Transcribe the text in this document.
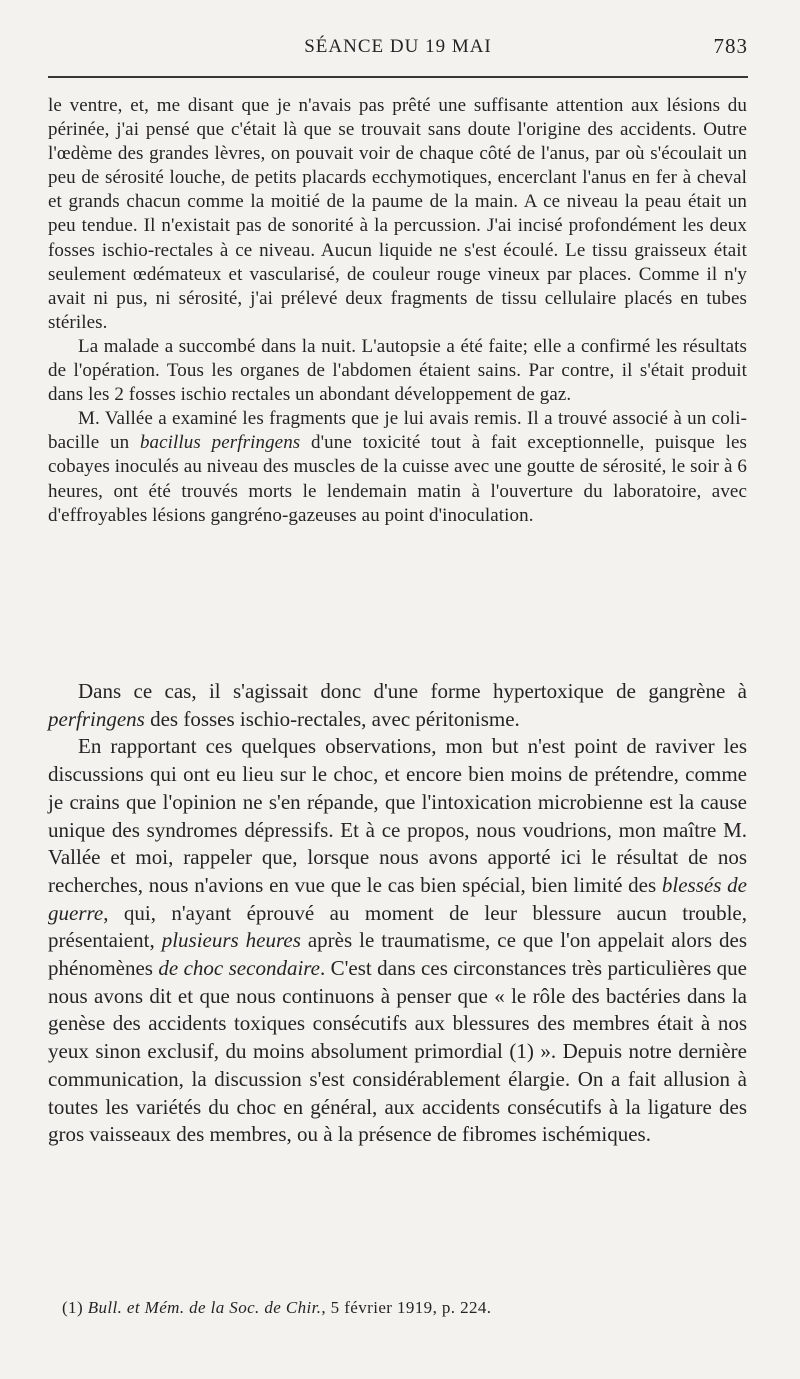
SÉANCE DU 19 MAI	783

le ventre, et, me disant que je n'avais pas prêté une suffisante attention aux lésions du périnée, j'ai pensé que c'était là que se trouvait sans doute l'origine des accidents. Outre l'œdème des grandes lèvres, on pouvait voir de chaque côté de l'anus, par où s'écoulait un peu de sérosité louche, de petits placards ecchymotiques, encerclant l'anus en fer à cheval et grands chacun comme la moitié de la paume de la main. A ce niveau la peau était un peu tendue. Il n'existait pas de sonorité à la percussion. J'ai incisé profondément les deux fosses ischio-rectales à ce niveau. Aucun liquide ne s'est écoulé. Le tissu graisseux était seulement œdémateux et vascularisé, de couleur rouge vineux par places. Comme il n'y avait ni pus, ni sérosité, j'ai prélevé deux fragments de tissu cellulaire placés en tubes stériles.

La malade a succombé dans la nuit. L'autopsie a été faite; elle a confirmé les résultats de l'opération. Tous les organes de l'abdomen étaient sains. Par contre, il s'était produit dans les 2 fosses ischio rectales un abondant développement de gaz.

M. Vallée a examiné les fragments que je lui avais remis. Il a trouvé associé à un coli-bacille un bacillus perfringens d'une toxicité tout à fait exceptionnelle, puisque les cobayes inoculés au niveau des muscles de la cuisse avec une goutte de sérosité, le soir à 6 heures, ont été trouvés morts le lendemain matin à l'ouverture du laboratoire, avec d'effroyables lésions gangréno-gazeuses au point d'inoculation.

Dans ce cas, il s'agissait donc d'une forme hypertoxique de gangrène à perfringens des fosses ischio-rectales, avec péritonisme.

En rapportant ces quelques observations, mon but n'est point de raviver les discussions qui ont eu lieu sur le choc, et encore bien moins de prétendre, comme je crains que l'opinion ne s'en répande, que l'intoxication microbienne est la cause unique des syndromes dépressifs. Et à ce propos, nous voudrions, mon maître M. Vallée et moi, rappeler que, lorsque nous avons apporté ici le résultat de nos recherches, nous n'avions en vue que le cas bien spécial, bien limité des blessés de guerre, qui, n'ayant éprouvé au moment de leur blessure aucun trouble, présentaient, plusieurs heures après le traumatisme, ce que l'on appelait alors des phénomènes de choc secondaire. C'est dans ces circonstances très particulières que nous avons dit et que nous continuons à penser que « le rôle des bactéries dans la genèse des accidents toxiques consécutifs aux blessures des membres était à nos yeux sinon exclusif, du moins absolument primordial (1) ». Depuis notre dernière communication, la discussion s'est considérablement élargie. On a fait allusion à toutes les variétés du choc en général, aux accidents consécutifs à la ligature des gros vaisseaux des membres, ou à la présence de fibromes ischémiques.

(1) Bull. et Mém. de la Soc. de Chir., 5 février 1919, p. 224.
